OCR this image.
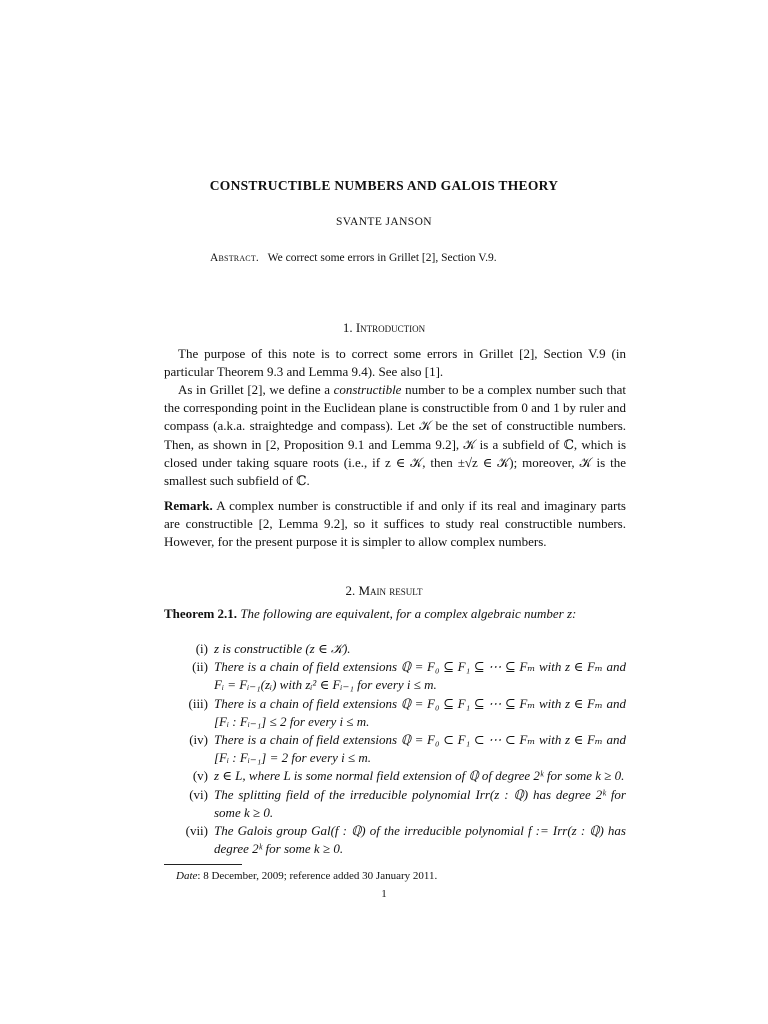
CONSTRUCTIBLE NUMBERS AND GALOIS THEORY
SVANTE JANSON
Abstract. We correct some errors in Grillet [2], Section V.9.
1. Introduction
The purpose of this note is to correct some errors in Grillet [2], Section V.9 (in particular Theorem 9.3 and Lemma 9.4). See also [1].
As in Grillet [2], we define a constructible number to be a complex number such that the corresponding point in the Euclidean plane is constructible from 0 and 1 by ruler and compass (a.k.a. straightedge and compass). Let 𝒦 be the set of constructible numbers. Then, as shown in [2, Proposition 9.1 and Lemma 9.2], 𝒦 is a subfield of ℂ, which is closed under taking square roots (i.e., if z ∈ 𝒦, then ±√z ∈ 𝒦); moreover, 𝒦 is the smallest such subfield of ℂ.
Remark. A complex number is constructible if and only if its real and imaginary parts are constructible [2, Lemma 9.2], so it suffices to study real constructible numbers. However, for the present purpose it is simpler to allow complex numbers.
2. Main result
Theorem 2.1. The following are equivalent, for a complex algebraic number z:
(i) z is constructible (z ∈ 𝒦).
(ii) There is a chain of field extensions ℚ = F₀ ⊆ F₁ ⊆ ⋯ ⊆ Fₘ with z ∈ Fₘ and Fᵢ = Fᵢ₋₁(zᵢ) with zᵢ² ∈ Fᵢ₋₁ for every i ≤ m.
(iii) There is a chain of field extensions ℚ = F₀ ⊆ F₁ ⊆ ⋯ ⊆ Fₘ with z ∈ Fₘ and [Fᵢ : Fᵢ₋₁] ≤ 2 for every i ≤ m.
(iv) There is a chain of field extensions ℚ = F₀ ⊂ F₁ ⊂ ⋯ ⊂ Fₘ with z ∈ Fₘ and [Fᵢ : Fᵢ₋₁] = 2 for every i ≤ m.
(v) z ∈ L, where L is some normal field extension of ℚ of degree 2ᵏ for some k ≥ 0.
(vi) The splitting field of the irreducible polynomial Irr(z : ℚ) has degree 2ᵏ for some k ≥ 0.
(vii) The Galois group Gal(f : ℚ) of the irreducible polynomial f := Irr(z : ℚ) has degree 2ᵏ for some k ≥ 0.
Date: 8 December, 2009; reference added 30 January 2011.
1
